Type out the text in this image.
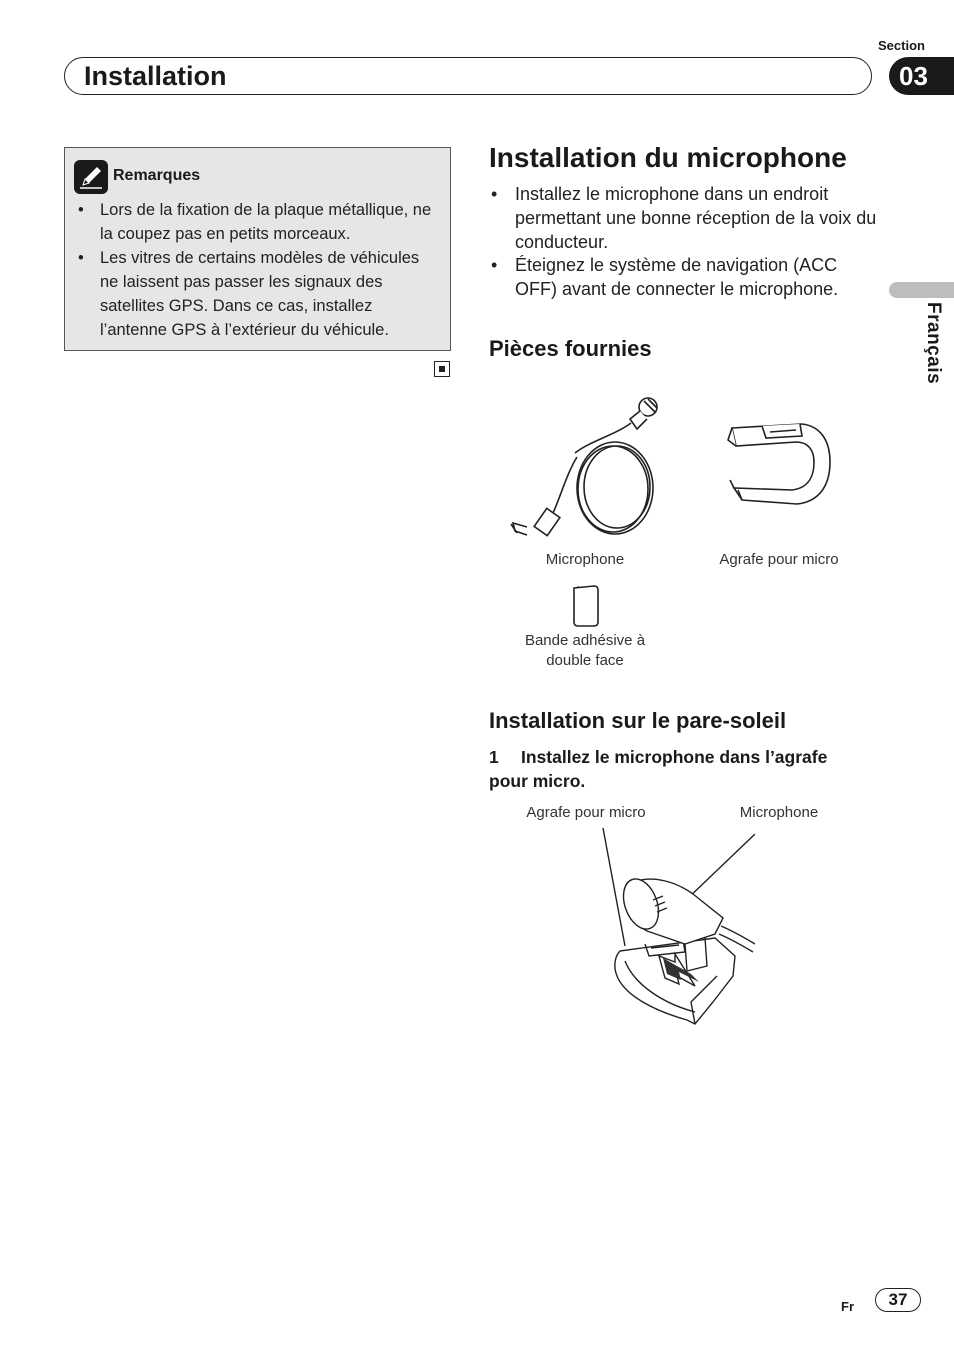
Section
Installation	03
Remarques
• Lors de la fixation de la plaque métallique, ne la coupez pas en petits morceaux.
• Les vitres de certains modèles de véhicules ne laissent pas passer les signaux des satellites GPS. Dans ce cas, installez l’antenne GPS à l’extérieur du véhicule.
Installation du microphone
• Installez le microphone dans un endroit permettant une bonne réception de la voix du conducteur.
• Éteignez le système de navigation (ACC OFF) avant de connecter le microphone.
Pièces fournies
Microphone	Agrafe pour micro
Bande adhésive à
double face
Installation sur le pare-soleil
1	Installez le microphone dans l’agrafe pour micro.
Agrafe pour micro	Microphone
Français
Fr	37
